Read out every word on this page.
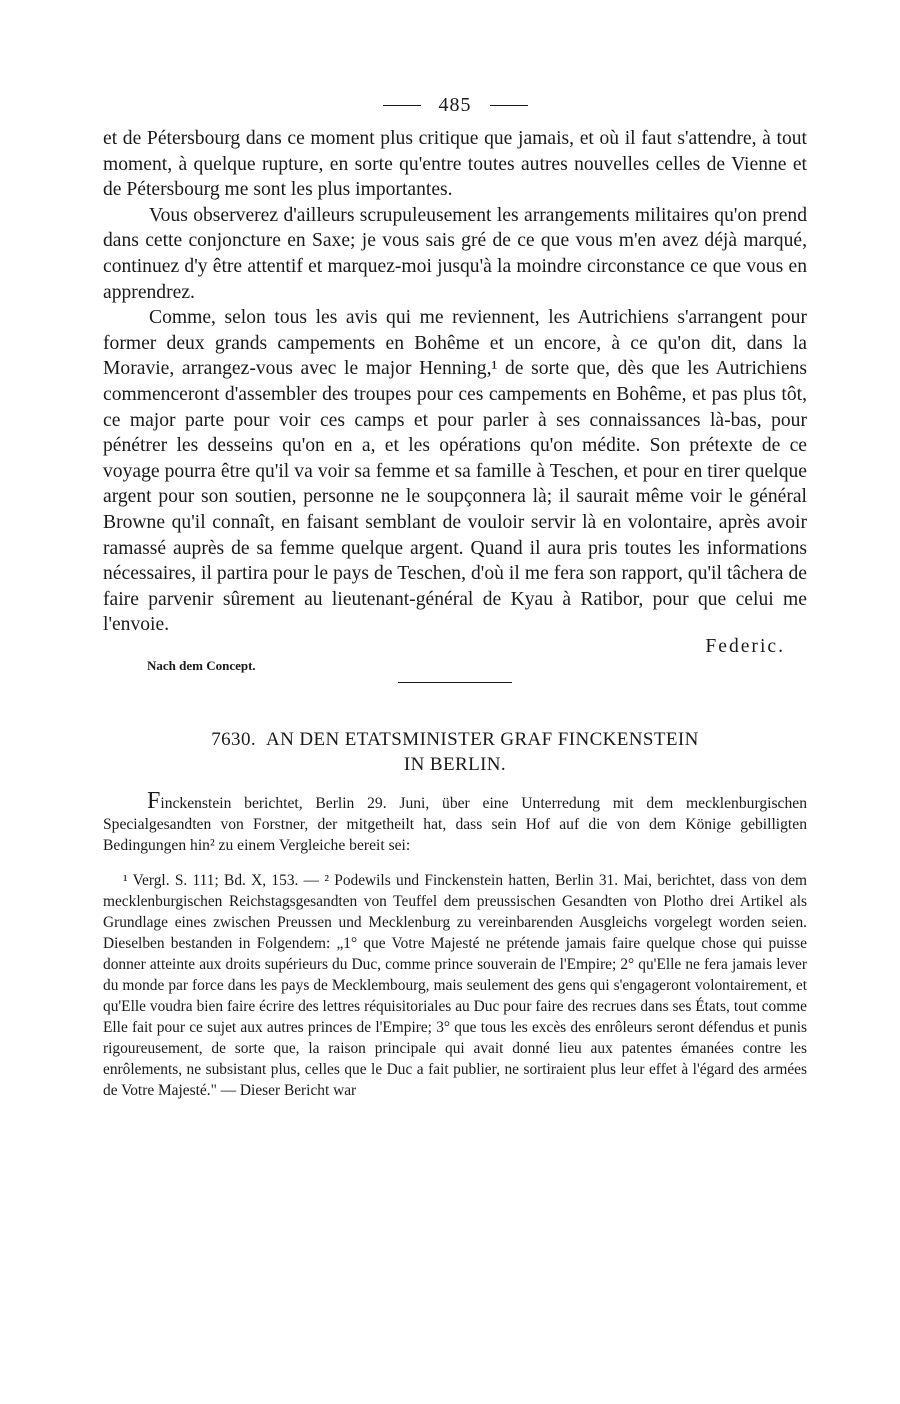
485

et de Pétersbourg dans ce moment plus critique que jamais, et où il faut s'attendre, à tout moment, à quelque rupture, en sorte qu'entre toutes autres nouvelles celles de Vienne et de Pétersbourg me sont les plus importantes.

Vous observerez d'ailleurs scrupuleusement les arrangements militaires qu'on prend dans cette conjoncture en Saxe; je vous sais gré de ce que vous m'en avez déjà marqué, continuez d'y être attentif et marquez-moi jusqu'à la moindre circonstance ce que vous en apprendrez.

Comme, selon tous les avis qui me reviennent, les Autrichiens s'arrangent pour former deux grands campements en Bohême et un encore, à ce qu'on dit, dans la Moravie, arrangez-vous avec le major Henning,¹ de sorte que, dès que les Autrichiens commenceront d'assembler des troupes pour ces campements en Bohême, et pas plus tôt, ce major parte pour voir ces camps et pour parler à ses connaissances là-bas, pour pénétrer les desseins qu'on en a, et les opérations qu'on médite. Son prétexte de ce voyage pourra être qu'il va voir sa femme et sa famille à Teschen, et pour en tirer quelque argent pour son soutien, personne ne le soupçonnera là; il saurait même voir le général Browne qu'il connaît, en faisant semblant de vouloir servir là en volontaire, après avoir ramassé auprès de sa femme quelque argent. Quand il aura pris toutes les informations nécessaires, il partira pour le pays de Teschen, d'où il me fera son rapport, qu'il tâchera de faire parvenir sûrement au lieutenant-général de Kyau à Ratibor, pour que celui me l'envoie.

Federic.
Nach dem Concept.
7630. AN DEN ETATSMINISTER GRAF FINCKENSTEIN
IN BERLIN.

Finckenstein berichtet, Berlin 29. Juni, über eine Unterredung mit dem mecklenburgischen Specialgesandten von Forstner, der mitgetheilt hat, dass sein Hof auf die von dem Könige gebilligten Bedingungen hin² zu einem Vergleiche bereit sei:

¹ Vergl. S. 111; Bd. X, 153. — ² Podewils und Finckenstein hatten, Berlin 31. Mai, berichtet, dass von dem mecklenburgischen Reichstagsgesandten von Teuffel dem preussischen Gesandten von Plotho drei Artikel als Grundlage eines zwischen Preussen und Mecklenburg zu vereinbarenden Ausgleichs vorgelegt worden seien. Dieselben bestanden in Folgendem: „1° que Votre Majesté ne prétende jamais faire quelque chose qui puisse donner atteinte aux droits supérieurs du Duc, comme prince souverain de l'Empire; 2° qu'Elle ne fera jamais lever du monde par force dans les pays de Mecklembourg, mais seulement des gens qui s'engageront volontairement, et qu'Elle voudra bien faire écrire des lettres réquisitoriales au Duc pour faire des recrues dans ses États, tout comme Elle fait pour ce sujet aux autres princes de l'Empire; 3° que tous les excès des enrôleurs seront défendus et punis rigoureusement, de sorte que, la raison principale qui avait donné lieu aux patentes émanées contre les enrôlements, ne subsistant plus, celles que le Duc a fait publier, ne sortiraient plus leur effet à l'égard des armées de Votre Majesté." — Dieser Bericht war
